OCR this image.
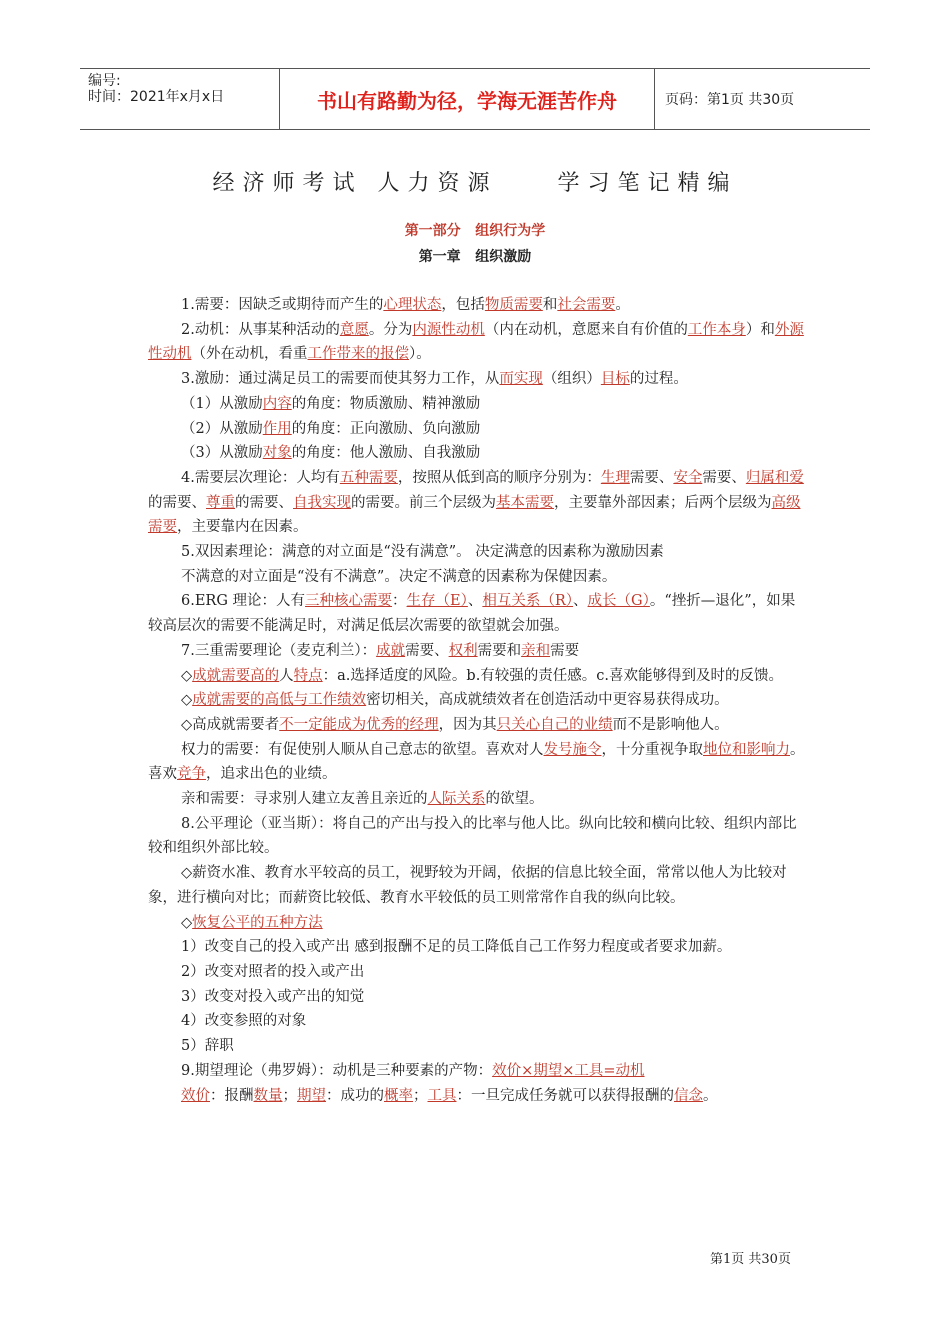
编号:
时间：2021年x月x日	书山有路勤为径，学海无涯苦作舟	页码：第1页 共30页
经济师考试 人力资源    学习笔记精编
第一部分   组织行为学
第一章   组织激励

1.需要：因缺乏或期待而产生的心理状态，包括物质需要和社会需要。

2.动机：从事某种活动的意愿。分为内源性动机（内在动机，意愿来自有价值的工作本身）和外源性动机（外在动机，看重工作带来的报偿）。

3.激励：通过满足员工的需要而使其努力工作，从而实现（组织）目标的过程。

（1）从激励内容的角度：物质激励、精神激励

（2）从激励作用的角度：正向激励、负向激励

（3）从激励对象的角度：他人激励、自我激励

4.需要层次理论：人均有五种需要，按照从低到高的顺序分别为：生理需要、安全需要、归属和爱的需要、尊重的需要、自我实现的需要。前三个层级为基本需要，主要靠外部因素；后两个层级为高级需要，主要靠内在因素。

5.双因素理论：满意的对立面是“没有满意”。 决定满意的因素称为激励因素

不满意的对立面是“没有不满意”。决定不满意的因素称为保健因素。

6.ERG 理论：人有三种核心需要：生存（E）、相互关系（R）、成长（G）。“挫折—退化”，如果较高层次的需要不能满足时，对满足低层次需要的欲望就会加强。

7.三重需要理论（麦克利兰）：成就需要、权利需要和亲和需要

◇成就需要高的人特点：a.选择适度的风险。b.有较强的责任感。c.喜欢能够得到及时的反馈。

◇成就需要的高低与工作绩效密切相关，高成就绩效者在创造活动中更容易获得成功。

◇高成就需要者不一定能成为优秀的经理，因为其只关心自己的业绩而不是影响他人。

权力的需要：有促使别人顺从自己意志的欲望。喜欢对人发号施令，十分重视争取地位和影响力。喜欢竞争，追求出色的业绩。

亲和需要：寻求别人建立友善且亲近的人际关系的欲望。

8.公平理论（亚当斯）：将自己的产出与投入的比率与他人比。纵向比较和横向比较、组织内部比较和组织外部比较。

◇薪资水准、教育水平较高的员工，视野较为开阔，依据的信息比较全面，常常以他人为比较对象，进行横向对比；而薪资比较低、教育水平较低的员工则常常作自我的纵向比较。

◇恢复公平的五种方法

1）改变自己的投入或产出 感到报酬不足的员工降低自己工作努力程度或者要求加薪。

2）改变对照者的投入或产出

3）改变对投入或产出的知觉

4）改变参照的对象

5）辞职

9.期望理论（弗罗姆）：动机是三种要素的产物：效价×期望×工具=动机

效价：报酬数量；期望：成功的概率；工具：一旦完成任务就可以获得报酬的信念。

第1页 共30页
